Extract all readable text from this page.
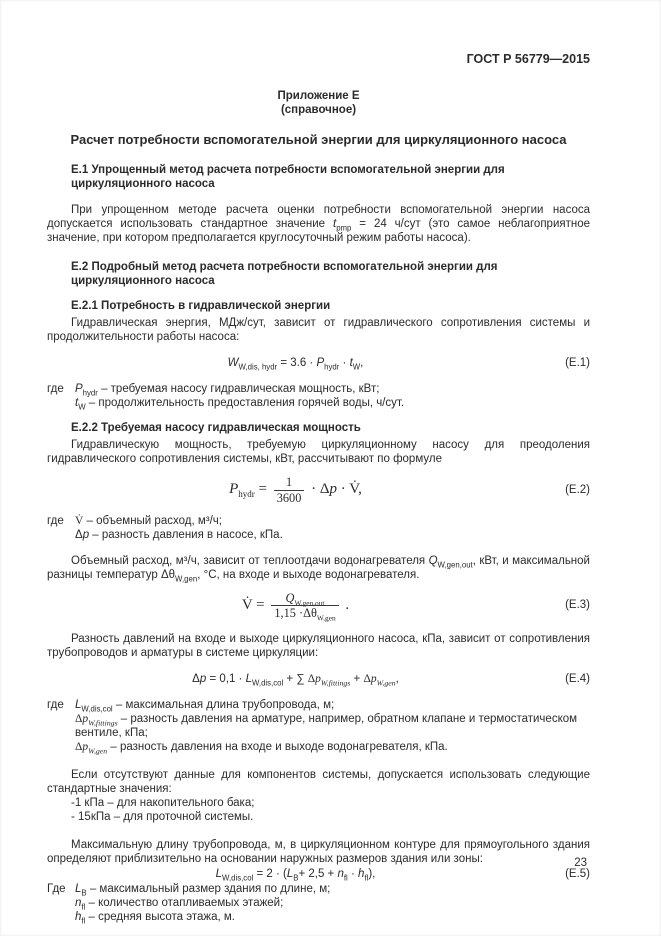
ГОСТ Р 56779—2015
Приложение Е
(справочное)
Расчет потребности вспомогательной энергии для циркуляционного насоса
Е.1 Упрощенный метод расчета потребности вспомогательной энергии для циркуляционного насоса

При упрощенном методе расчета оценки потребности вспомогательной энергии насоса допускается использовать стандартное значение $t_{pmp} = 24$ ч/сут (это самое неблагоприятное значение, при котором предполагается круглосуточный режим работы насоса).

Е.2 Подробный метод расчета потребности вспомогательной энергии для циркуляционного насоса
Е.2.1 Потребность в гидравлической энергии

Гидравлическая энергия, МДж/сут, зависит от гидравлического сопротивления системы и продолжительности работы насоса:

$W_{W,dis, hydr} = 3.6 \cdot P_{hydr} \cdot t_W$,	(Е.1)
где $P_{hydr}$ – требуемая насосу гидравлическая мощность, кВт;
$t_W$ – продолжительность предоставления горячей воды, ч/сут.
Е.2.2 Требуемая насосу гидравлическая мощность

Гидравлическую мощность, требуемую циркуляционному насосу для преодоления гидравлического сопротивления системы, кВт, рассчитывают по формуле

$P_{hydr} = \frac{1}{3600} \cdot \Delta p$ · V̇,	(Е.2)
где V̇ – объемный расход, м³/ч;
Δp – разность давления в насосе, кПа.

Объемный расход, м³/ч, зависит от теплоотдачи водонагревателя $Q_{W,gen,out}$, кВт, и максимальной разницы температур $\Delta\theta_{W,gen}$, °С, на входе и выходе водонагревателя.

V̇ = $\frac{Q_{W,gen,out}}{1,15 \cdot\Delta\theta_{W,gen}}$ .	(Е.3)

Разность давлений на входе и выходе циркуляционного насоса, кПа, зависит от сопротивления трубопроводов и арматуры в системе циркуляции:

$\Delta p = 0,1 \cdot L_{W,dis,col}$ + ∑ $\Delta p_{W,fittings} + \Delta p_{W,gen}$,	(Е.4)
где $L_{W,dis,col}$ – максимальная длина трубопровода, м;
$\Delta p_{W,fittings}$ – разность давления на арматуре, например, обратном клапане и термостатическом вентиле, кПа;
$\Delta p_{W,gen}$ – разность давления на входе и выходе водонагревателя, кПа.

Если отсутствуют данные для компонентов системы, допускается использовать следующие стандартные значения:

-1 кПа – для накопительного бака;
- 15кПа – для проточной системы.

Максимальную длину трубопровода, м, в циркуляционном контуре для прямоугольного здания определяют приблизительно на основании наружных размеров здания или зоны:

$L_{W,dis,col} = 2 \cdot (L_B+ 2,5 + n_{fl} \cdot h_{fl})$,	(Е.5)
Где $L_B$ – максимальный размер здания по длине, м;
$n_{fl}$ – количество отапливаемых этажей;
$h_{fl}$ – средняя высота этажа, м.
23
